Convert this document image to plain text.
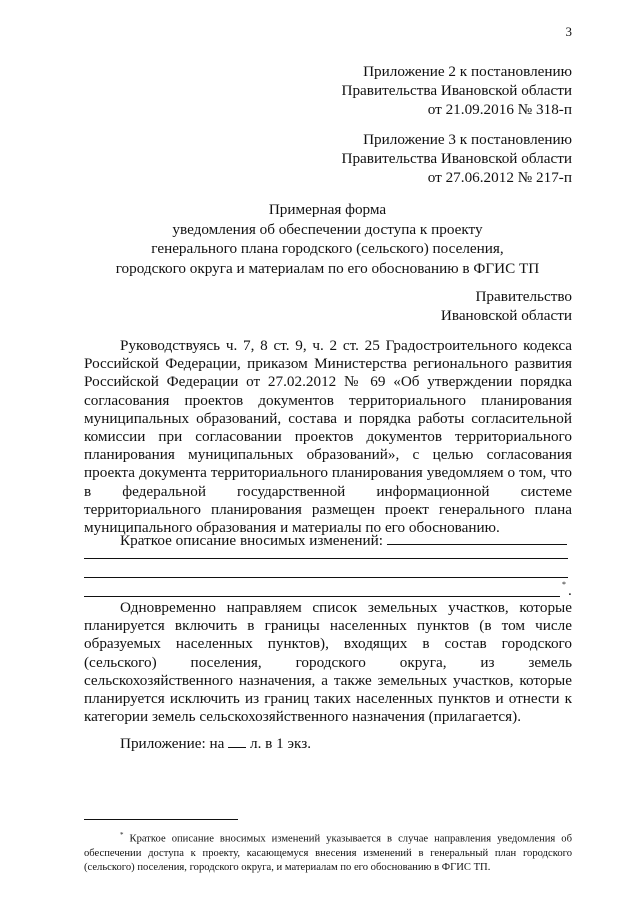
3
Приложение 2 к постановлению
Правительства Ивановской области
от 21.09.2016 № 318-п
Приложение 3 к постановлению
Правительства Ивановской области
от 27.06.2012 № 217-п
Примерная форма
уведомления об обеспечении доступа к проекту
генерального плана городского (сельского) поселения,
городского округа и материалам по его обоснованию в ФГИС ТП
Правительство
Ивановской области
Руководствуясь ч. 7, 8 ст. 9, ч. 2 ст. 25 Градостроительного кодекса Российской Федерации, приказом Министерства регионального развития Российской Федерации от 27.02.2012 № 69 «Об утверждении порядка согласования проектов документов территориального планирования муниципальных образований, состава и порядка работы согласительной комиссии при согласовании проектов документов территориального планирования муниципальных образований», с целью согласования проекта документа территориального планирования уведомляем о том, что в федеральной государственной информационной системе территориального планирования размещен проект генерального плана муниципального образования и материалы по его обоснованию.
Краткое описание вносимых изменений:
* .
Одновременно направляем список земельных участков, которые планируется включить в границы населенных пунктов (в том числе образуемых населенных пунктов), входящих в состав городского (сельского) поселения, городского округа, из земель сельскохозяйственного назначения, а также земельных участков, которые планируется исключить из границ таких населенных пунктов и отнести к категории земель сельскохозяйственного назначения (прилагается).
Приложение: на л. в 1 экз.
* Краткое описание вносимых изменений указывается в случае направления уведомления об обеспечении доступа к проекту, касающемуся внесения изменений в генеральный план городского (сельского) поселения, городского округа, и материалам по его обоснованию в ФГИС ТП.
